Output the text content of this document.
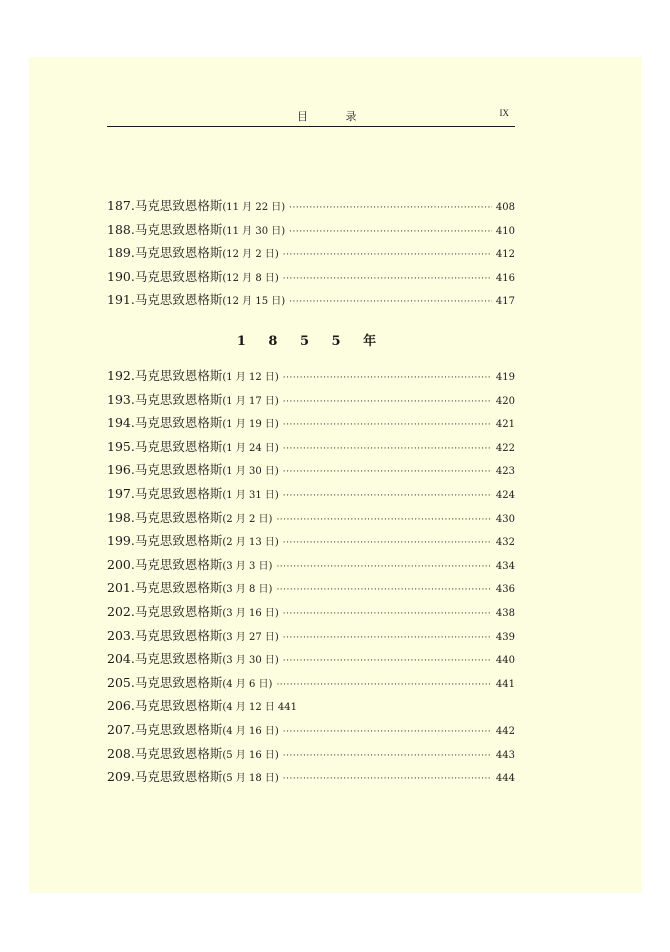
目 录	IX
187. 马克思致恩格斯 (11 月 22 日) ·····	408
188. 马克思致恩格斯 (11 月 30 日) ·····	410
189. 马克思致恩格斯 (12 月 2 日) ·····	412
190. 马克思致恩格斯 (12 月 8 日) ·····	416
191. 马克思致恩格斯 (12 月 15 日) ·····	417
1 8 5 5 年
192. 马克思致恩格斯 (1 月 12 日) ·····	419
193. 马克思致恩格斯 (1 月 17 日) ·····	420
194. 马克思致恩格斯 (1 月 19 日) ·····	421
195. 马克思致恩格斯 (1 月 24 日) ·····	422
196. 马克思致恩格斯 (1 月 30 日) ·····	423
197. 马克思致恩格斯 (1 月 31 日) ·····	424
198. 马克思致恩格斯 (2 月 2 日) ·····	430
199. 马克思致恩格斯 (2 月 13 日) ·····	432
200. 马克思致恩格斯 (3 月 3 日) ·····	434
201. 马克思致恩格斯 (3 月 8 日) ·····	436
202. 马克思致恩格斯 (3 月 16 日) ·····	438
203. 马克思致恩格斯 (3 月 27 日) ·····	439
204. 马克思致恩格斯 (3 月 30 日) ·····	440
205. 马克思致恩格斯 (4 月 6 日) ·····	441
206. 马克思致恩格斯 (4 月 12 日 441
207. 马克思致恩格斯 (4 月 16 日) ·····	442
208. 马克思致恩格斯 (5 月 16 日) ·····	443
209. 马克思致恩格斯 (5 月 18 日) ·····	444
